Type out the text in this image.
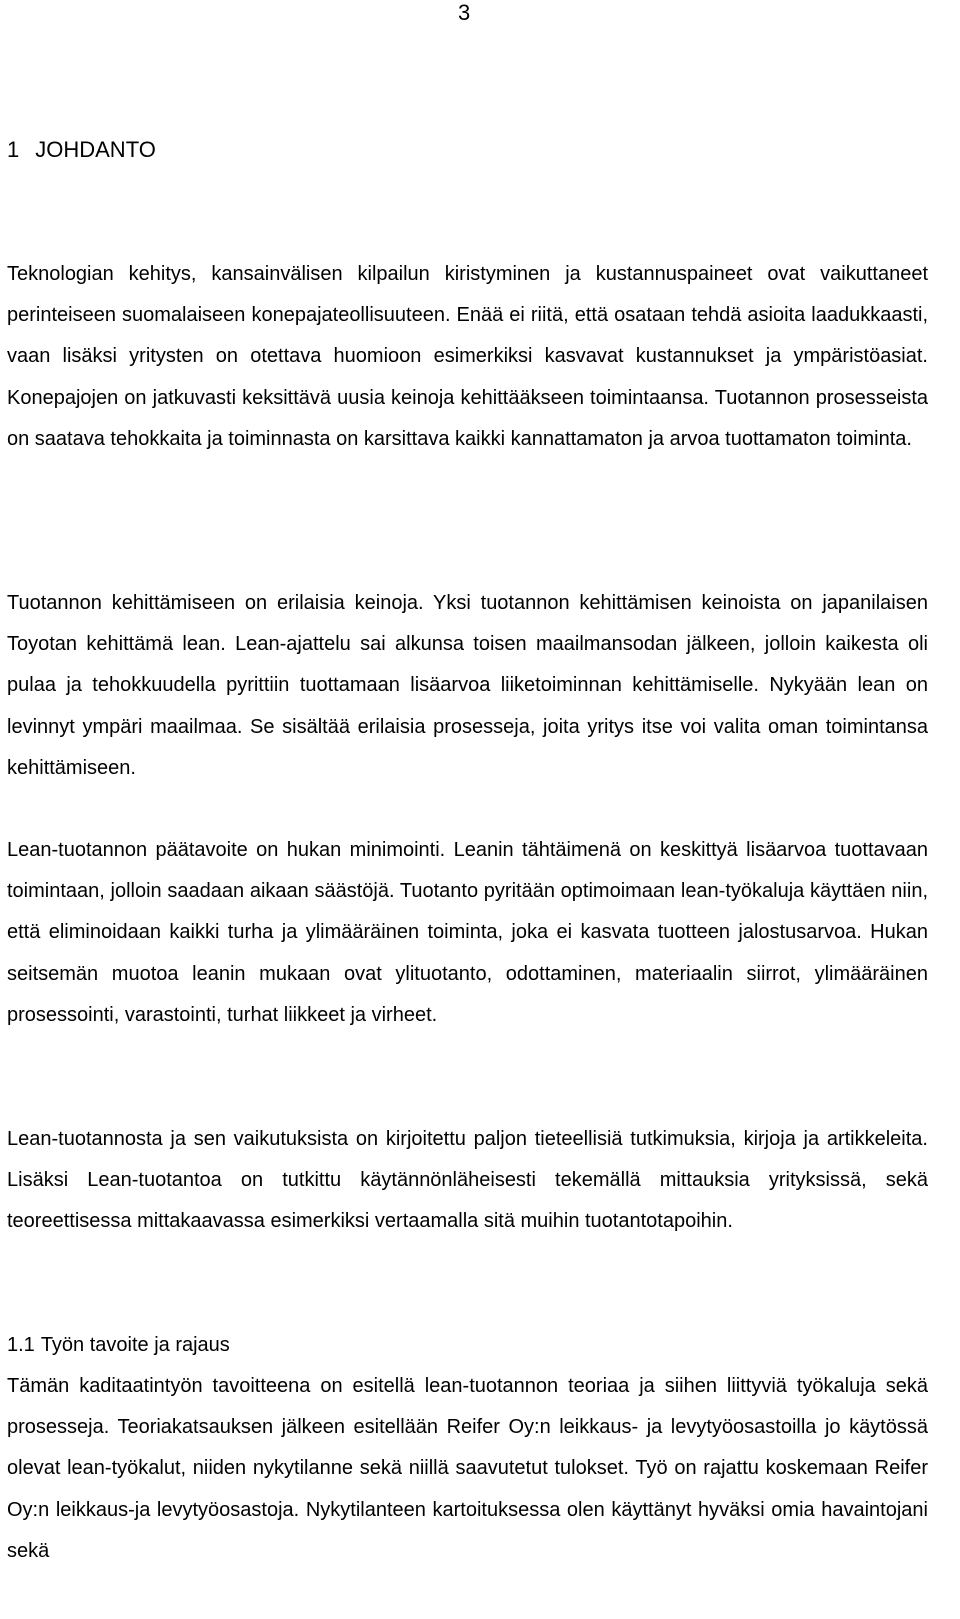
3
1 JOHDANTO

Teknologian kehitys, kansainvälisen kilpailun kiristyminen ja kustannuspaineet ovat vaikuttaneet perinteiseen suomalaiseen konepajateollisuuteen. Enää ei riitä, että osataan tehdä asioita laadukkaasti, vaan lisäksi yritysten on otettava huomioon esimerkiksi kasvavat kustannukset ja ympäristöasiat. Konepajojen on jatkuvasti keksittävä uusia keinoja kehittääkseen toimintaansa. Tuotannon prosesseista on saatava tehokkaita ja toiminnasta on karsittava kaikki kannattamaton ja arvoa tuottamaton toiminta.

Tuotannon kehittämiseen on erilaisia keinoja. Yksi tuotannon kehittämisen keinoista on japanilaisen Toyotan kehittämä lean. Lean-ajattelu sai alkunsa toisen maailmansodan jälkeen, jolloin kaikesta oli pulaa ja tehokkuudella pyrittiin tuottamaan lisäarvoa liiketoiminnan kehittämiselle. Nykyään lean on levinnyt ympäri maailmaa. Se sisältää erilaisia prosesseja, joita yritys itse voi valita oman toimintansa kehittämiseen.

Lean-tuotannon päätavoite on hukan minimointi. Leanin tähtäimenä on keskittyä lisäarvoa tuottavaan toimintaan, jolloin saadaan aikaan säästöjä. Tuotanto pyritään optimoimaan lean-työkaluja käyttäen niin, että eliminoidaan kaikki turha ja ylimääräinen toiminta, joka ei kasvata tuotteen jalostusarvoa. Hukan seitsemän muotoa leanin mukaan ovat ylituotanto, odottaminen, materiaalin siirrot, ylimääräinen prosessointi, varastointi, turhat liikkeet ja virheet.

Lean-tuotannosta ja sen vaikutuksista on kirjoitettu paljon tieteellisiä tutkimuksia, kirjoja ja artikkeleita. Lisäksi Lean-tuotantoa on tutkittu käytännönläheisesti tekemällä mittauksia yrityksissä, sekä teoreettisessa mittakaavassa esimerkiksi vertaamalla sitä muihin tuotantotapoihin.

1.1 Työn tavoite ja rajaus

Tämän kaditaatintyön tavoitteena on esitellä lean-tuotannon teoriaa ja siihen liittyviä työkaluja sekä prosesseja. Teoriakatsauksen jälkeen esitellään Reifer Oy:n leikkaus- ja levytyöosastoilla jo käytössä olevat lean-työkalut, niiden nykytilanne sekä niillä saavutetut tulokset. Työ on rajattu koskemaan Reifer Oy:n leikkaus-ja levytyöosastoja. Nykytilanteen kartoituksessa olen käyttänyt hyväksi omia havaintojani sekä
